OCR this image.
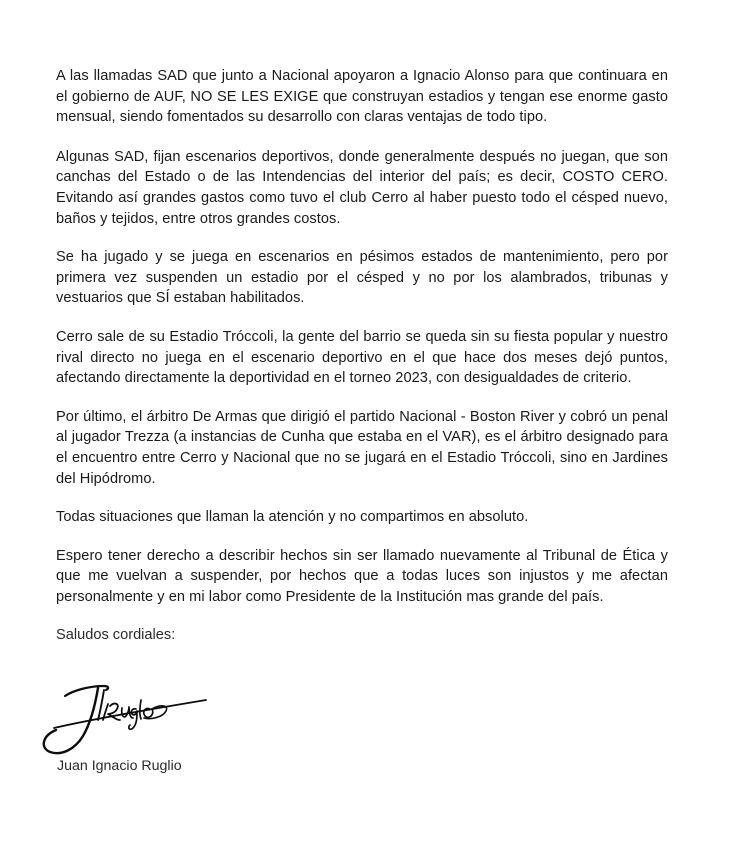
A las llamadas SAD que junto a Nacional apoyaron a Ignacio Alonso para que continuara en el gobierno de AUF, NO SE LES EXIGE que construyan estadios y tengan ese enorme gasto mensual, siendo fomentados su desarrollo con claras ventajas de todo tipo.

Algunas SAD, fijan escenarios deportivos, donde generalmente después no juegan, que son canchas del Estado o de las Intendencias del interior del país; es decir, COSTO CERO. Evitando así grandes gastos como tuvo el club Cerro al haber puesto todo el césped nuevo, baños y tejidos, entre otros grandes costos.

Se ha jugado y se juega en escenarios en pésimos estados de mantenimiento, pero por primera vez suspenden un estadio por el césped y no por los alambrados, tribunas y vestuarios que SÍ estaban habilitados.

Cerro sale de su Estadio Tróccoli, la gente del barrio se queda sin su fiesta popular y nuestro rival directo no juega en el escenario deportivo en el que hace dos meses dejó puntos, afectando directamente la deportividad en el torneo 2023, con desigualdades de criterio.

Por último, el árbitro De Armas que dirigió el partido Nacional - Boston River y cobró un penal al jugador Trezza (a instancias de Cunha que estaba en el VAR), es el árbitro designado para el encuentro entre Cerro y Nacional que no se jugará en el Estadio Tróccoli, sino en Jardines del Hipódromo.

Todas situaciones que llaman la atención y no compartimos en absoluto.

Espero tener derecho a describir hechos sin ser llamado nuevamente al Tribunal de Ética y que me vuelvan a suspender, por hechos que a todas luces son injustos y me afectan personalmente y en mi labor como Presidente de la Institución mas grande del país.

Saludos cordiales:

JIRuglio

Juan Ignacio Ruglio
